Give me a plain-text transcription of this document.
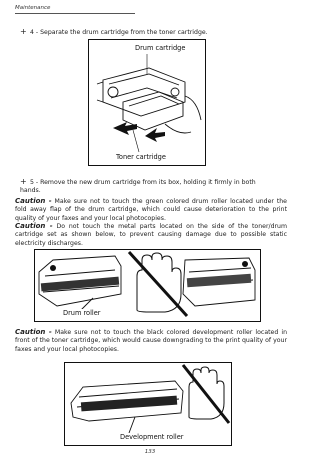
Maintenance
+ 4 - Separate the drum cartridge from the toner cartridge.
Drum cartridge
Toner cartridge
+ 5 - Remove the new drum cartridge from its box, holding it firmly in both hands.
Caution - Make sure not to touch the green colored drum roller located under the fold away flap of the drum cartridge, which could cause deterioration to the print quality of your faxes and your local photocopies.
Caution - Do not touch the metal parts located on the side of the toner/drum cartridge set as shown below, to prevent causing damage due to possible static electricity discharges.
Drum roller
Caution - Make sure not to touch the black colored development roller located in front of the toner cartridge, which would cause downgrading to the print quality of your faxes and your local photocopies.
Development roller
133
